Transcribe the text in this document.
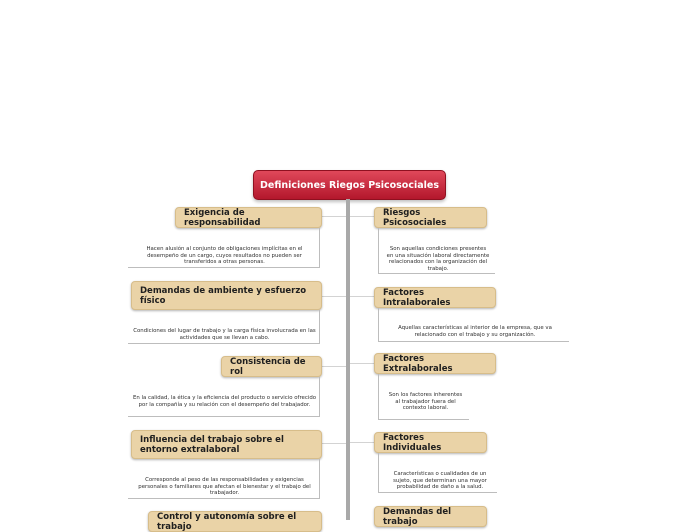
Definiciones Riegos Psicosociales
Exigencia de responsabilidad
Hacen alusión al conjunto de obligaciones implícitas en el desempeño de un cargo, cuyos resultados no pueden ser transferidos a otras personas.
Demandas de ambiente y esfuerzo físico
Condiciones del lugar de trabajo y la carga física involucrada en las actividades que se llevan a cabo.
Consistencia de rol
En la calidad, la ética y la eficiencia del producto o servicio ofrecido por la compañía y su relación con el desempeño del trabajador.
Influencia del trabajo sobre el entorno extralaboral
Corresponde al peso de las responsabilidades y exigencias personales o familiares que afectan el bienestar y el trabajo del trabajador.
Control y autonomía sobre el trabajo
Riesgos Psicosociales
Son aquellas condiciones presentes en una situación laboral directamente relacionados con la organización del trabajo.
Factores Intralaborales
Aquellas características al interior de la empresa, que va relacionado con el trabajo y su organización.
Factores Extralaborales
Son los factores inherentes al trabajador fuera del contexto laboral.
Factores Individuales
Características o cualidades de un sujeto, que determinan una mayor probabilidad de daño a la salud.
Demandas del trabajo
